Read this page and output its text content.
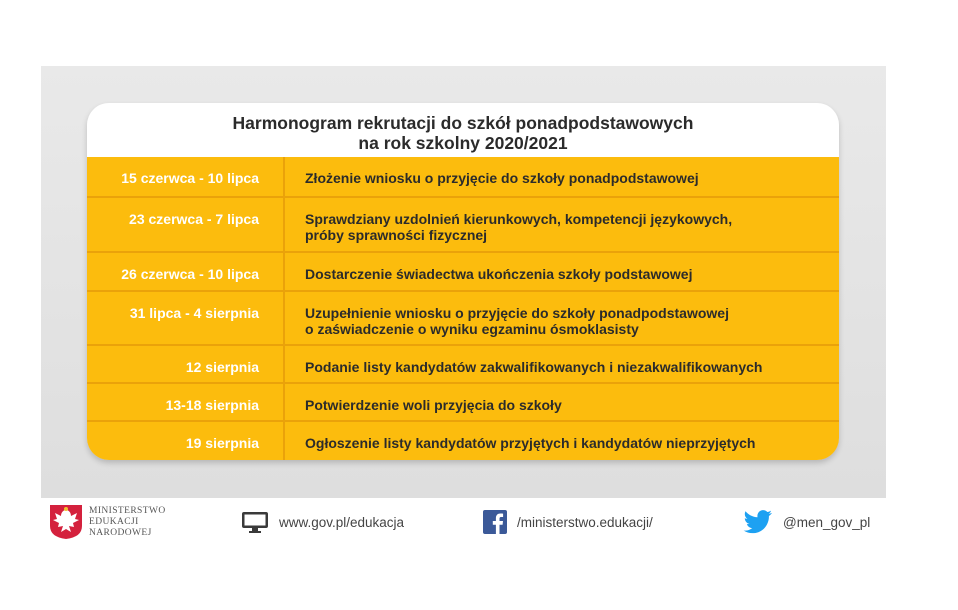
Harmonogram rekrutacji do szkół ponadpodstawowych
na rok szkolny 2020/2021
15 czerwca - 10 lipca	Złożenie wniosku o przyjęcie do szkoły ponadpodstawowej
23 czerwca - 7 lipca	Sprawdziany uzdolnień kierunkowych, kompetencji językowych,
próby sprawności fizycznej
26 czerwca - 10 lipca	Dostarczenie świadectwa ukończenia szkoły podstawowej
31 lipca - 4 sierpnia	Uzupełnienie wniosku o przyjęcie do szkoły ponadpodstawowej
o zaświadczenie o wyniku egzaminu ósmoklasisty
12 sierpnia	Podanie listy kandydatów zakwalifikowanych i niezakwalifikowanych
13-18 sierpnia	Potwierdzenie woli przyjęcia do szkoły
19 sierpnia	Ogłoszenie listy kandydatów przyjętych i kandydatów nieprzyjętych
MINISTERSTWO
EDUKACJI
NARODOWEJ
www.gov.pl/edukacja	/ministerstwo.edukacji/	@men_gov_pl
